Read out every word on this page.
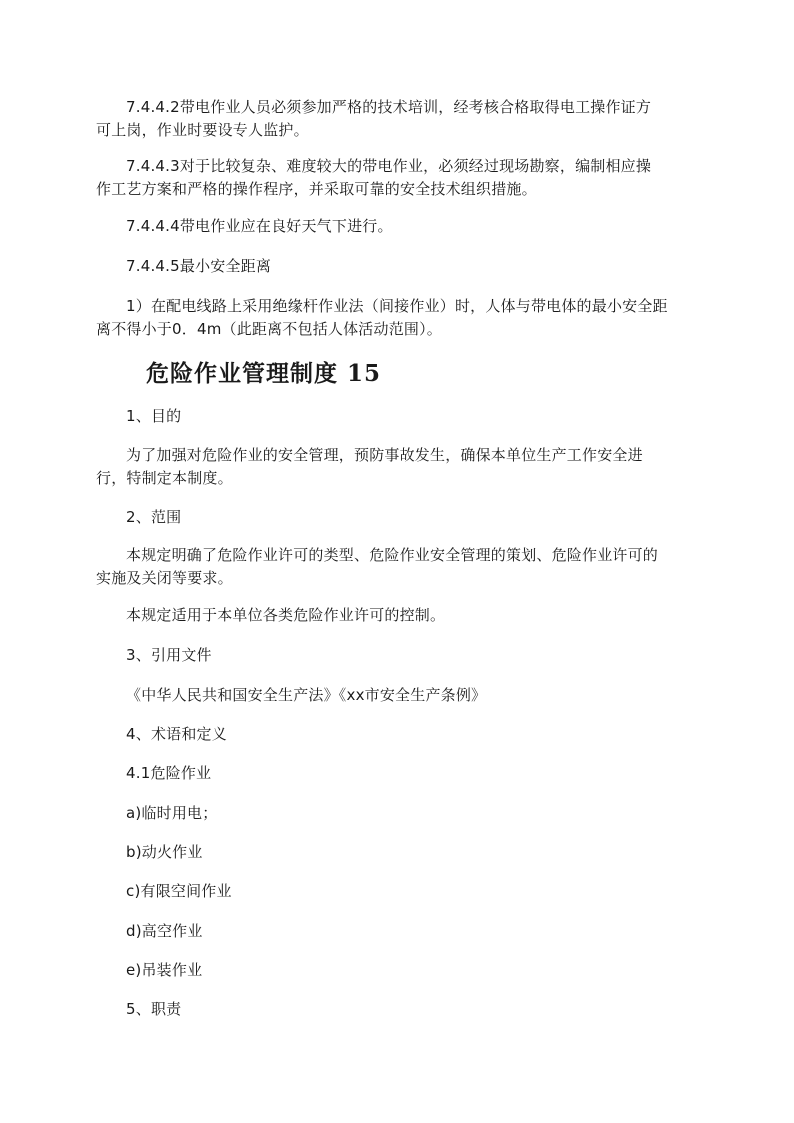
7.4.4.2带电作业人员必须参加严格的技术培训，经考核合格取得电工操作证方
可上岗，作业时要设专人监护。

7.4.4.3对于比较复杂、难度较大的带电作业，必须经过现场勘察，编制相应操
作工艺方案和严格的操作程序，并采取可靠的安全技术组织措施。

7.4.4.4带电作业应在良好天气下进行。

7.4.4.5最小安全距离

1）在配电线路上采用绝缘杆作业法（间接作业）时，人体与带电体的最小安全距
离不得小于0．4m（此距离不包括人体活动范围）。

危险作业管理制度 15

1、目的

为了加强对危险作业的安全管理，预防事故发生，确保本单位生产工作安全进
行，特制定本制度。

2、范围

本规定明确了危险作业许可的类型、危险作业安全管理的策划、危险作业许可的
实施及关闭等要求。

本规定适用于本单位各类危险作业许可的控制。

3、引用文件

《中华人民共和国安全生产法》《xx市安全生产条例》

4、术语和定义

4.1危险作业

a)临时用电；

b)动火作业

c)有限空间作业

d)高空作业

e)吊装作业

5、职责
